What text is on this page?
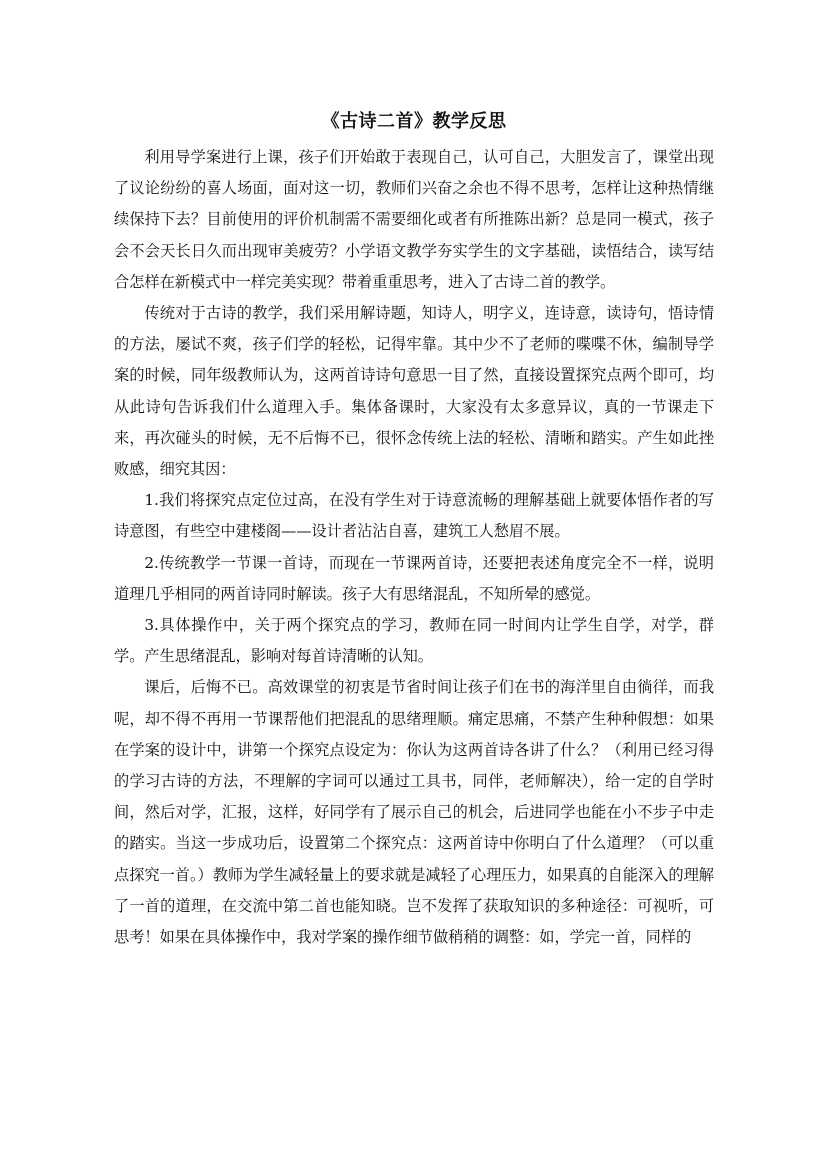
《古诗二首》教学反思

利用导学案进行上课，孩子们开始敢于表现自己，认可自己，大胆发言了，课堂出现了议论纷纷的喜人场面，面对这一切，教师们兴奋之余也不得不思考，怎样让这种热情继续保持下去？目前使用的评价机制需不需要细化或者有所推陈出新？总是同一模式，孩子会不会天长日久而出现审美疲劳？小学语文教学夯实学生的文字基础，读悟结合，读写结合怎样在新模式中一样完美实现？带着重重思考，进入了古诗二首的教学。

传统对于古诗的教学，我们采用解诗题，知诗人，明字义，连诗意，读诗句，悟诗情的方法，屡试不爽，孩子们学的轻松，记得牢靠。其中少不了老师的喋喋不休，编制导学案的时候，同年级教师认为，这两首诗诗句意思一目了然，直接设置探究点两个即可，均从此诗句告诉我们什么道理入手。集体备课时，大家没有太多意异议，真的一节课走下来，再次碰头的时候，无不后悔不已，很怀念传统上法的轻松、清晰和踏实。产生如此挫败感，细究其因：

1.我们将探究点定位过高，在没有学生对于诗意流畅的理解基础上就要体悟作者的写诗意图，有些空中建楼阁——设计者沾沾自喜，建筑工人愁眉不展。

2.传统教学一节课一首诗，而现在一节课两首诗，还要把表述角度完全不一样，说明道理几乎相同的两首诗同时解读。孩子大有思绪混乱，不知所晕的感觉。

3.具体操作中，关于两个探究点的学习，教师在同一时间内让学生自学，对学，群学。产生思绪混乱，影响对每首诗清晰的认知。

课后，后悔不已。高效课堂的初衷是节省时间让孩子们在书的海洋里自由徜徉，而我呢，却不得不再用一节课帮他们把混乱的思绪理顺。痛定思痛，不禁产生种种假想：如果在学案的设计中，讲第一个探究点设定为：你认为这两首诗各讲了什么？（利用已经习得的学习古诗的方法，不理解的字词可以通过工具书，同伴，老师解决），给一定的自学时间，然后对学，汇报，这样，好同学有了展示自己的机会，后进同学也能在小不步子中走的踏实。当这一步成功后，设置第二个探究点：这两首诗中你明白了什么道理？（可以重点探究一首。）教师为学生减轻量上的要求就是减轻了心理压力，如果真的自能深入的理解了一首的道理，在交流中第二首也能知晓。岂不发挥了获取知识的多种途径：可视听，可思考！如果在具体操作中，我对学案的操作细节做稍稍的调整：如，学完一首，同样的
